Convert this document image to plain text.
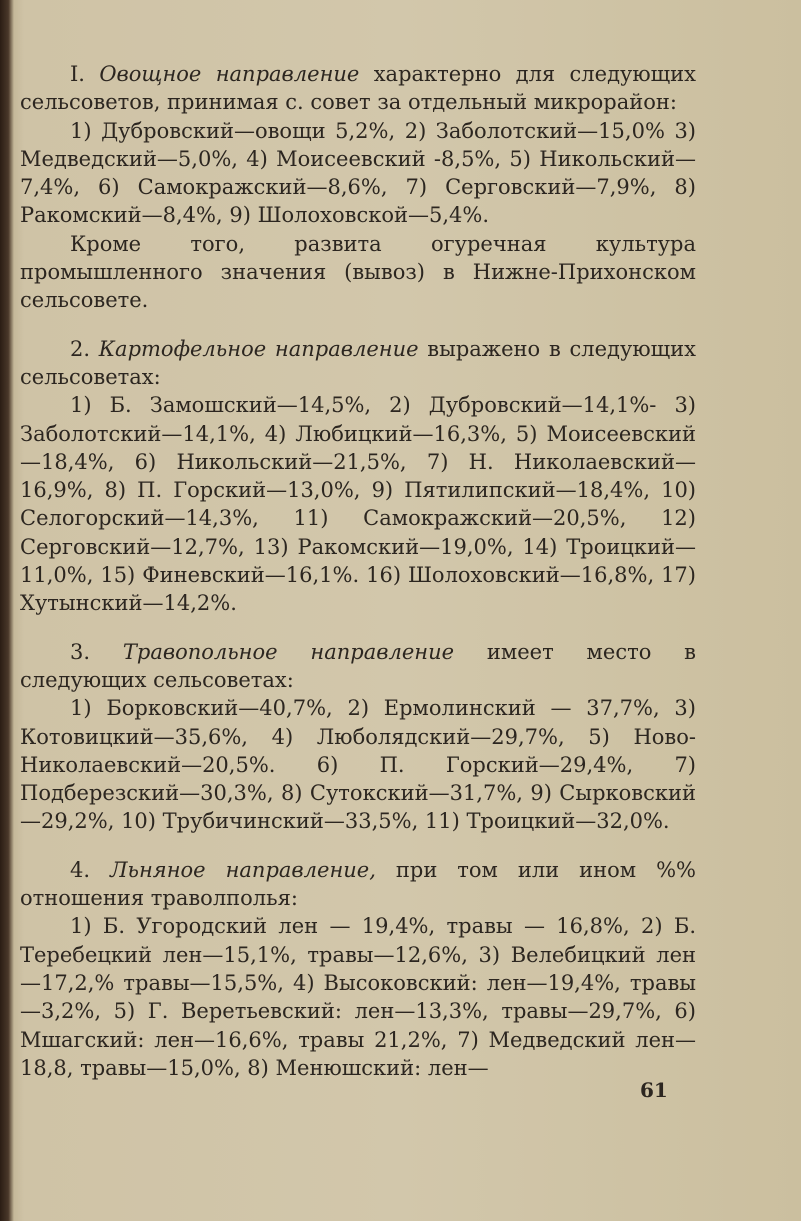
I. Овощное направление характерно для следующих сельсоветов, принимая с. совет за отдельный микрорайон:

1) Дубровский—овощи 5,2%, 2) Заболотский—15,0% 3) Медведский—5,0%, 4) Моисеевский -8,5%, 5) Никольский—7,4%, 6) Самокражский—8,6%, 7) Серговский—7,9%, 8) Ракомский—8,4%, 9) Шолоховской—5,4%.

Кроме того, развита огуречная культура промышленного значения (вывоз) в Нижне-Прихонском сельсовете.

2. Картофельное направление выражено в следующих сельсоветах:

1) Б. Замошский—14,5%, 2) Дубровский—14,1%- 3) Заболотский—14,1%, 4) Любицкий—16,3%, 5) Моисеевский—18,4%, 6) Никольский—21,5%, 7) Н. Николаевский—16,9%, 8) П. Горский—13,0%, 9) Пятилипский—18,4%, 10) Селогорский—14,3%, 11) Самокражский—20,5%, 12) Серговский—12,7%, 13) Ракомский—19,0%, 14) Троицкий—11,0%, 15) Финевский—16,1%. 16) Шолоховский—16,8%, 17) Хутынский—14,2%.

3. Травопольное направление имеет место в следующих сельсоветах:

1) Борковский—40,7%, 2) Ермолинский — 37,7%, 3) Котовицкий—35,6%, 4) Люболядский—29,7%, 5) Ново-Николаевский—20,5%. 6) П. Горский—29,4%, 7) Подберезский—30,3%, 8) Сутокский—31,7%, 9) Сырковский—29,2%, 10) Трубичинский—33,5%, 11) Троицкий—32,0%.

4. Льняное направление, при том или ином %% отношения траволполья:

1) Б. Угородский лен — 19,4%, травы — 16,8%, 2) Б. Теребецкий лен—15,1%, травы—12,6%, 3) Велебицкий лен—17,2,% травы—15,5%, 4) Высоковский: лен—19,4%, травы—3,2%, 5) Г. Веретьевский: лен—13,3%, травы—29,7%, 6) Мшагский: лен—16,6%, травы 21,2%, 7) Медведский лен—18,8, травы—15,0%, 8) Менюшский: лен—

61
